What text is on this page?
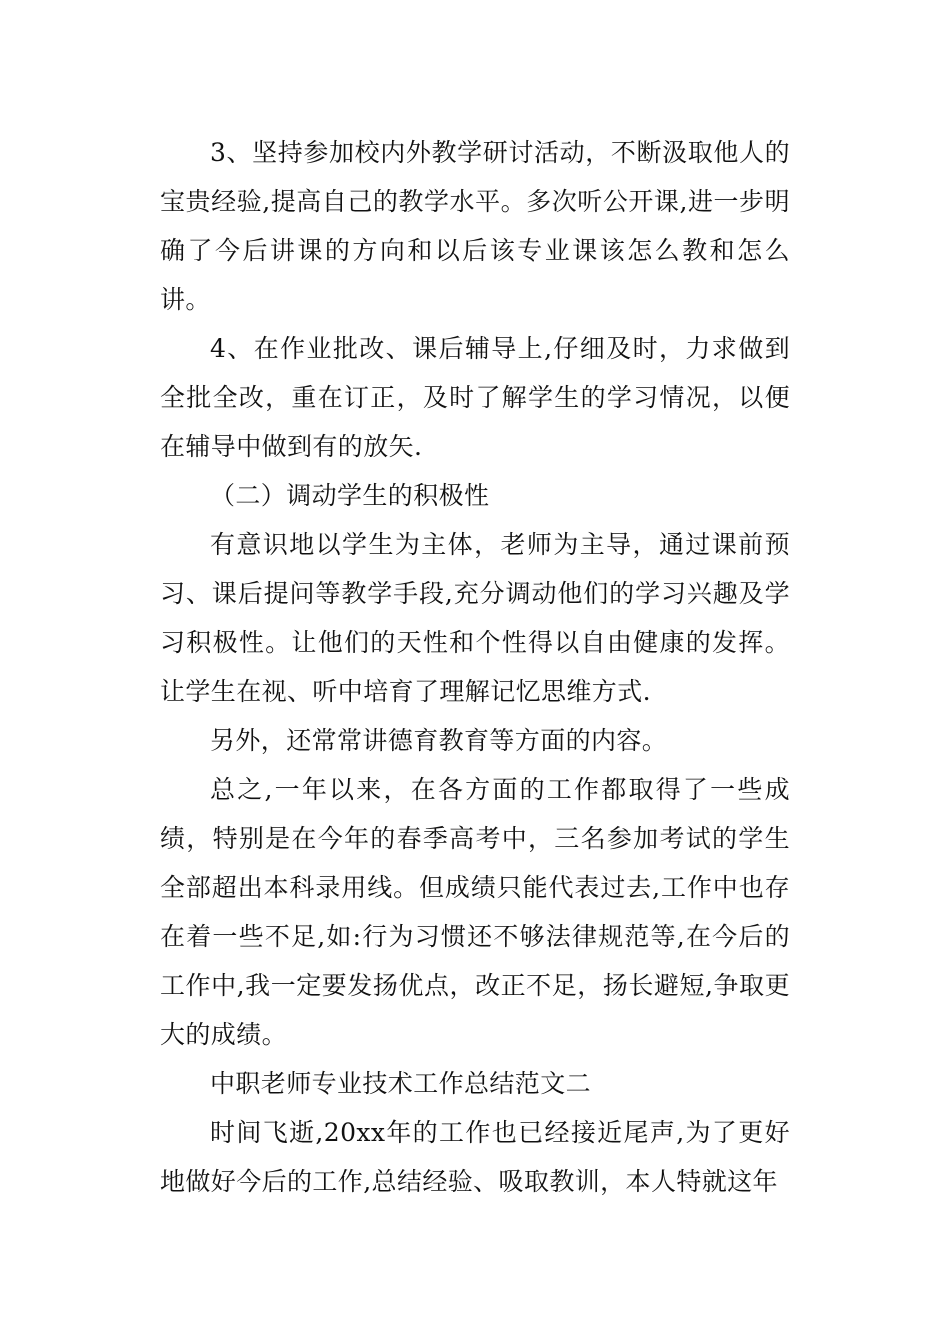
3、坚持参加校内外教学研讨活动，不断汲取他人的宝贵经验,提高自己的教学水平。多次听公开课,进一步明确了今后讲课的方向和以后该专业课该怎么教和怎么讲。

4、在作业批改、课后辅导上,仔细及时，力求做到全批全改，重在订正，及时了解学生的学习情况，以便在辅导中做到有的放矢.

（二）调动学生的积极性

有意识地以学生为主体，老师为主导，通过课前预习、课后提问等教学手段,充分调动他们的学习兴趣及学习积极性。让他们的天性和个性得以自由健康的发挥。让学生在视、听中培育了理解记忆思维方式.

另外，还常常讲德育教育等方面的内容。

总之,一年以来，在各方面的工作都取得了一些成绩，特别是在今年的春季高考中，三名参加考试的学生全部超出本科录用线。但成绩只能代表过去,工作中也存在着一些不足,如:行为习惯还不够法律规范等,在今后的工作中,我一定要发扬优点，改正不足，扬长避短,争取更大的成绩。

中职老师专业技术工作总结范文二

时间飞逝,20xx年的工作也已经接近尾声,为了更好地做好今后的工作,总结经验、吸取教训，本人特就这年
